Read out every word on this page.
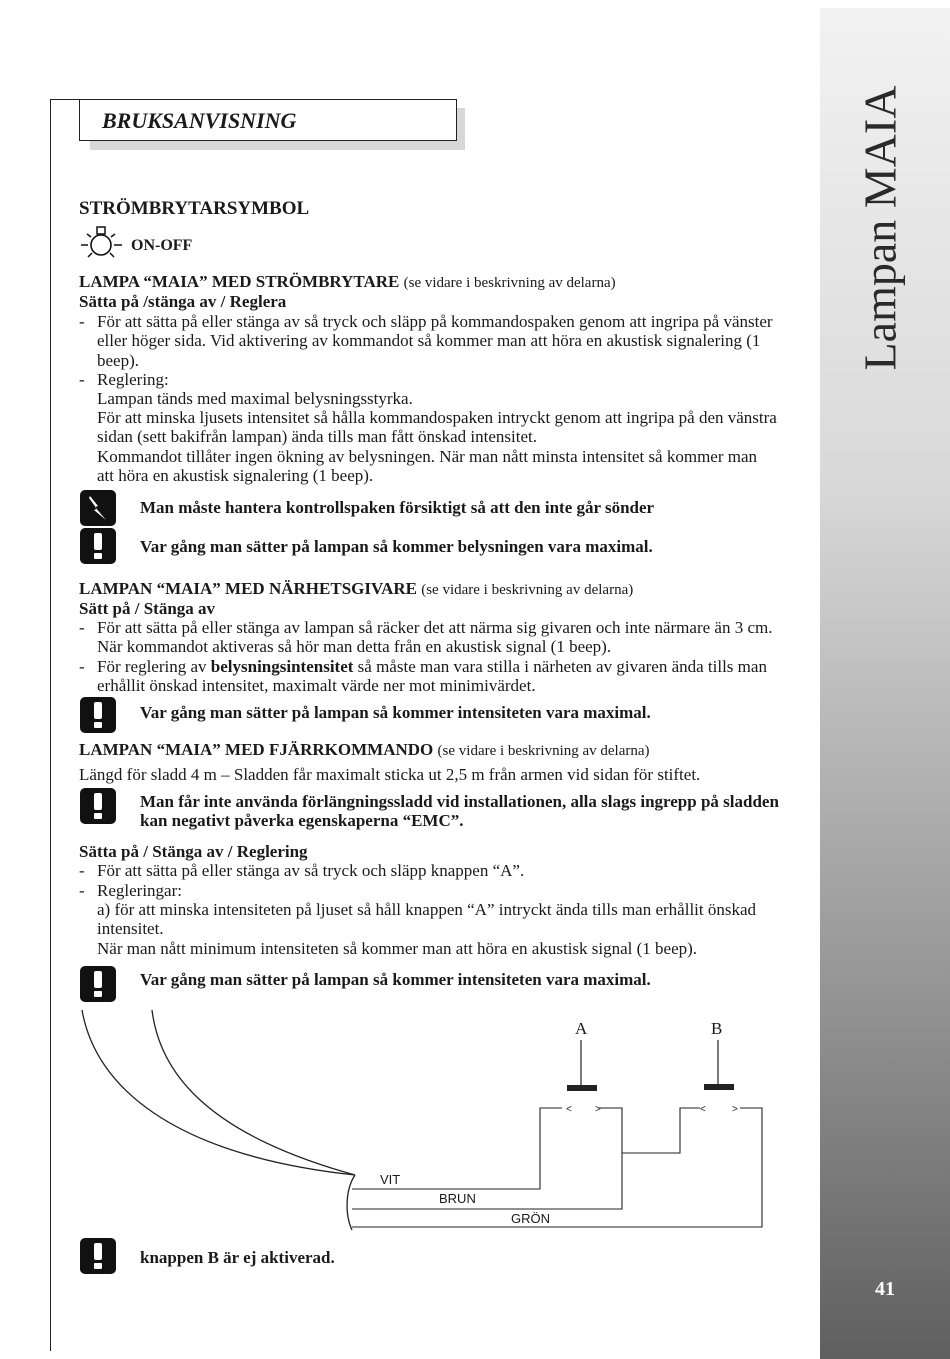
Lampan MAIA
41
BRUKSANVISNING
STRÖMBRYTARSYMBOL
ON-OFF
LAMPA “MAIA” MED STRÖMBRYTARE (se vidare i beskrivning av delarna)
Sätta på /stänga av / Reglera
- För att sätta på eller stänga av så tryck och släpp på kommandospaken genom att ingripa på vänster eller höger sida. Vid aktivering av kommandot så kommer man att höra en akustisk signalering (1 beep).
- Reglering:
Lampan tänds med maximal belysningsstyrka.
För att minska ljusets intensitet så hålla kommandospaken intryckt genom att ingripa på den vänstra sidan (sett bakifrån lampan) ända tills man fått önskad intensitet.
Kommandot tillåter ingen ökning av belysningen. När man nått minsta intensitet så kommer man att höra en akustisk signalering (1 beep).
Man måste hantera kontrollspaken försiktigt så att den inte går sönder
Var gång man sätter på lampan så kommer belysningen vara maximal.
LAMPAN “MAIA” MED NÄRHETSGIVARE (se vidare i beskrivning av delarna)
Sätt på / Stänga av
- För att sätta på eller stänga av lampan så räcker det att närma sig givaren och inte närmare än 3 cm. När kommandot aktiveras så hör man detta från en akustisk signal (1 beep).
- För reglering av belysningsintensitet så måste man vara stilla i närheten av givaren ända tills man erhållit önskad intensitet, maximalt värde ner mot minimivärdet.
Var gång man sätter på lampan så kommer intensiteten vara maximal.
LAMPAN “MAIA” MED FJÄRRKOMMANDO (se vidare i beskrivning av delarna)
Längd för sladd 4 m – Sladden får maximalt sticka ut 2,5 m från armen vid sidan för stiftet.
Man får inte använda förlängningssladd vid installationen, alla slags ingrepp på sladden kan negativt påverka egenskaperna “EMC”.
Sätta på / Stänga av / Reglering
- För att sätta på eller stänga av så tryck och släpp knappen “A”.
- Regleringar:
a) för att minska intensiteten på ljuset så håll knappen “A” intryckt ända tills man erhållit önskad intensitet.
När man nått minimum intensiteten så kommer man att höra en akustisk signal (1 beep).
Var gång man sätter på lampan så kommer intensiteten vara maximal.
< >	<	>
A	B
VIT
BRUN
GRÖN
knappen B är ej aktiverad.
